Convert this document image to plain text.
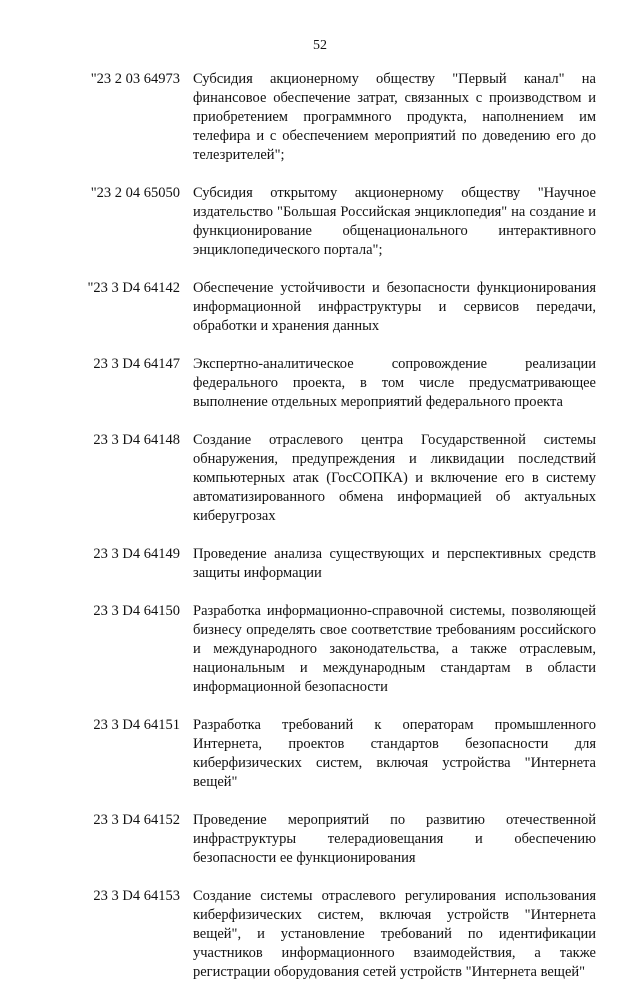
52
"23 2 03 64973 Субсидия акционерному обществу "Первый канал" на финансовое обеспечение затрат, связанных с производством и приобретением программного продукта, наполнением им телефира и с обеспечением мероприятий по доведению его до телезрителей";
"23 2 04 65050 Субсидия открытому акционерному обществу "Научное издательство "Большая Российская энциклопедия" на создание и функционирование общенационального интерактивного энциклопедического портала";
"23 3 D4 64142 Обеспечение устойчивости и безопасности функционирования информационной инфраструктуры и сервисов передачи, обработки и хранения данных
23 3 D4 64147 Экспертно-аналитическое сопровождение реализации федерального проекта, в том числе предусматривающее выполнение отдельных мероприятий федерального проекта
23 3 D4 64148 Создание отраслевого центра Государственной системы обнаружения, предупреждения и ликвидации последствий компьютерных атак (ГосСОПКА) и включение его в систему автоматизированного обмена информацией об актуальных киберугрозах
23 3 D4 64149 Проведение анализа существующих и перспективных средств защиты информации
23 3 D4 64150 Разработка информационно-справочной системы, позволяющей бизнесу определять свое соответствие требованиям российского и международного законодательства, а также отраслевым, национальным и международным стандартам в области информационной безопасности
23 3 D4 64151 Разработка требований к операторам промышленного Интернета, проектов стандартов безопасности для киберфизических систем, включая устройства "Интернета вещей"
23 3 D4 64152 Проведение мероприятий по развитию отечественной инфраструктуры телерадиовещания и обеспечению безопасности ее функционирования
23 3 D4 64153 Создание системы отраслевого регулирования использования киберфизических систем, включая устройств "Интернета вещей", и установление требований по идентификации участников информационного взаимодействия, а также регистрации оборудования сетей устройств "Интернета вещей"
